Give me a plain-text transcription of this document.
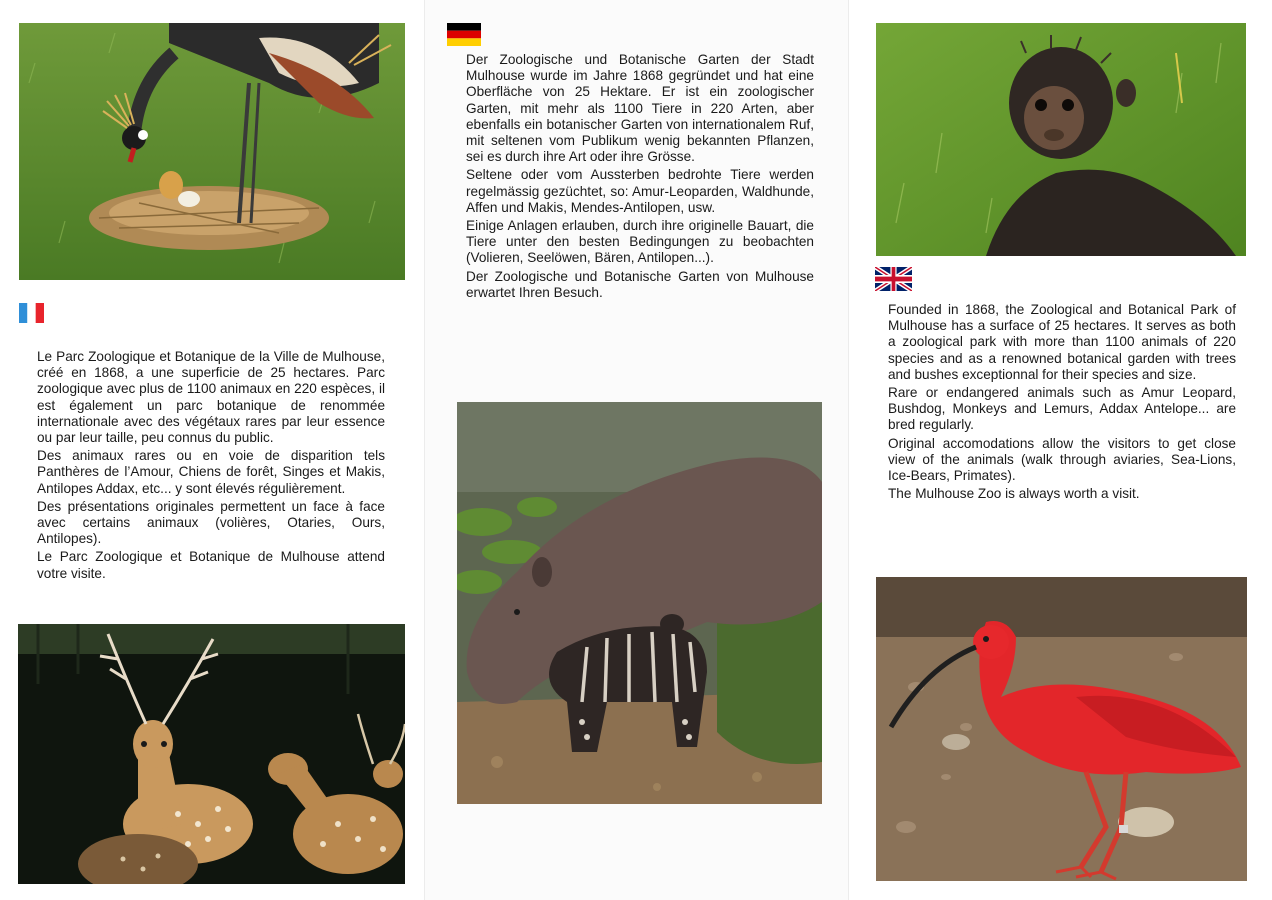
Le Parc Zoologique et Botanique de la Ville de Mulhouse, créé en 1868, a une superficie de 25 hectares. Parc zoologique avec plus de 1100 animaux en 220 espèces, il est également un parc botanique de renommée internationale avec des végétaux rares par leur essence ou par leur taille, peu connus du public.

Des animaux rares ou en voie de disparition tels Panthères de l’Amour, Chiens de forêt, Singes et Makis, Antilopes Addax, etc... y sont élevés régulièrement.

Des présentations originales permettent un face à face avec certains animaux (volières, Otaries, Ours, Antilopes).

Le Parc Zoologique et Botanique de Mulhouse attend votre visite.

Der Zoologische und Botanische Garten der Stadt Mulhouse wurde im Jahre 1868 gegründet und hat eine Oberfläche von 25 Hektare. Er ist ein zoologischer Garten, mit mehr als 1100 Tiere in 220 Arten, aber ebenfalls ein botanischer Garten von internationalem Ruf, mit seltenen vom Publikum wenig bekannten Pflanzen, sei es durch ihre Art oder ihre Grösse.

Seltene oder vom Aussterben bedrohte Tiere werden regelmässig gezüchtet, so: Amur-Leoparden, Waldhunde, Affen und Makis, Mendes-Antilopen, usw.

Einige Anlagen erlauben, durch ihre originelle Bauart, die Tiere unter den besten Bedingungen zu beobachten (Volieren, Seelöwen, Bären, Antilopen...).

Der Zoologische und Botanische Garten von Mulhouse erwartet Ihren Besuch.

Founded in 1868, the Zoological and Botanical Park of Mulhouse has a surface of 25 hectares. It serves as both a zoological park with more than 1100 animals of 220 species and as a renowned botanical garden with trees and bushes exceptionnal for their species and size.

Rare or endangered animals such as Amur Leopard, Bushdog, Monkeys and Lemurs, Addax Antelope... are bred regularly.

Original accomodations allow the visitors to get close view of the animals (walk through aviaries, Sea-Lions, Ice-Bears, Primates).

The Mulhouse Zoo is always worth a visit.
